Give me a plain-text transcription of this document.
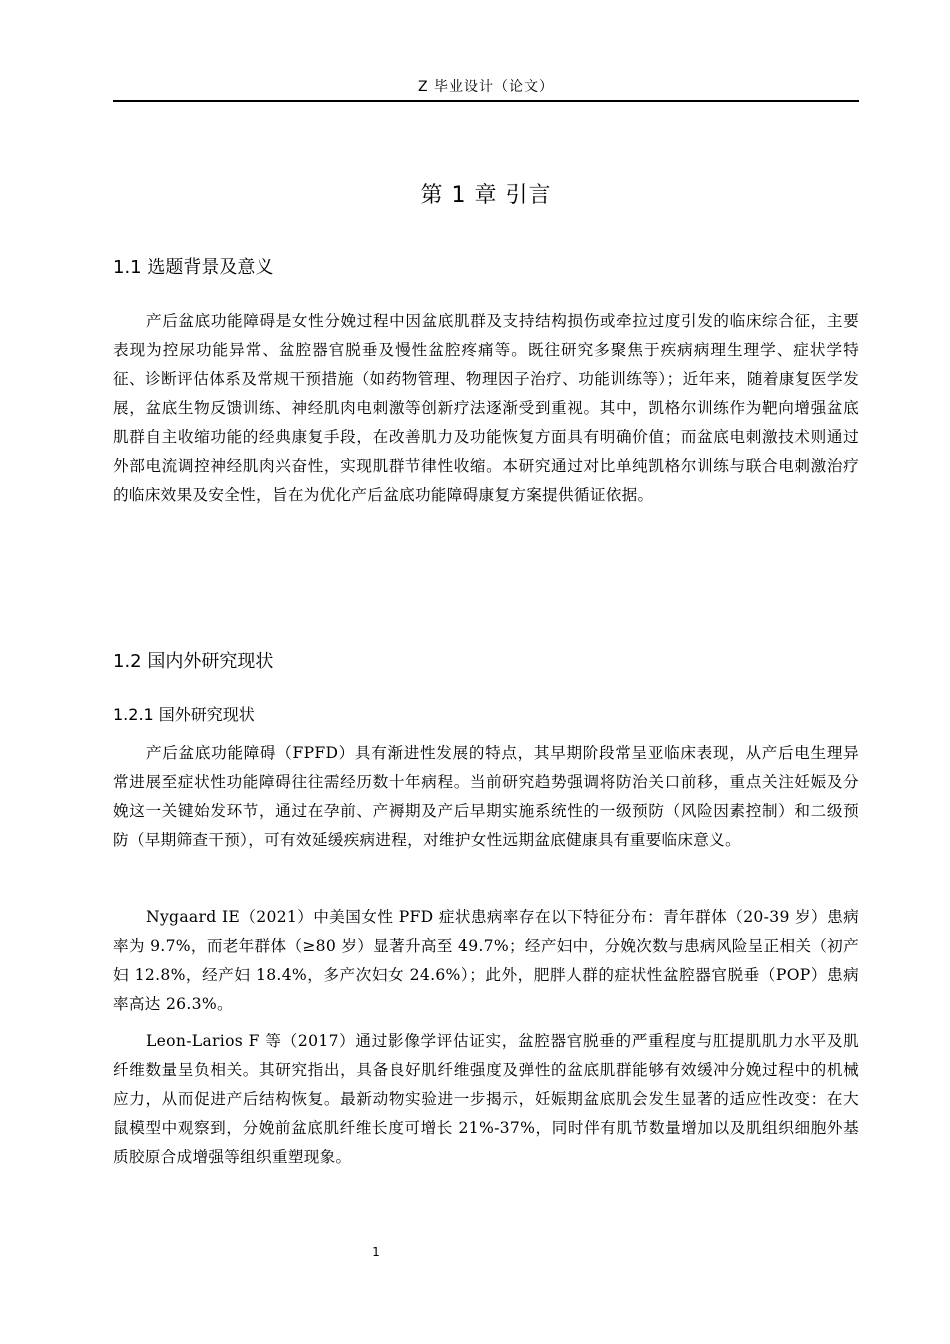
Z 毕业设计（论文）
第 1 章 引言
1.1 选题背景及意义

产后盆底功能障碍是女性分娩过程中因盆底肌群及支持结构损伤或牵拉过度引发的临床综合征，主要表现为控尿功能异常、盆腔器官脱垂及慢性盆腔疼痛等。既往研究多聚焦于疾病病理生理学、症状学特征、诊断评估体系及常规干预措施（如药物管理、物理因子治疗、功能训练等）；近年来，随着康复医学发展，盆底生物反馈训练、神经肌肉电刺激等创新疗法逐渐受到重视。其中，凯格尔训练作为靶向增强盆底肌群自主收缩功能的经典康复手段，在改善肌力及功能恢复方面具有明确价值；而盆底电刺激技术则通过外部电流调控神经肌肉兴奋性，实现肌群节律性收缩。本研究通过对比单纯凯格尔训练与联合电刺激治疗的临床效果及安全性，旨在为优化产后盆底功能障碍康复方案提供循证依据。

1.2 国内外研究现状
1.2.1 国外研究现状

产后盆底功能障碍（FPFD）具有渐进性发展的特点，其早期阶段常呈亚临床表现，从产后电生理异常进展至症状性功能障碍往往需经历数十年病程。当前研究趋势强调将防治关口前移，重点关注妊娠及分娩这一关键始发环节，通过在孕前、产褥期及产后早期实施系统性的一级预防（风险因素控制）和二级预防（早期筛查干预），可有效延缓疾病进程，对维护女性远期盆底健康具有重要临床意义。

Nygaard IE（2021）中美国女性 PFD 症状患病率存在以下特征分布：青年群体（20-39 岁）患病率为 9.7%，而老年群体（≥80 岁）显著升高至 49.7%；经产妇中，分娩次数与患病风险呈正相关（初产妇 12.8%，经产妇 18.4%，多产次妇女 24.6%）；此外，肥胖人群的症状性盆腔器官脱垂（POP）患病率高达 26.3%。

Leon-Larios F 等（2017）通过影像学评估证实，盆腔器官脱垂的严重程度与肛提肌肌力水平及肌纤维数量呈负相关。其研究指出，具备良好肌纤维强度及弹性的盆底肌群能够有效缓冲分娩过程中的机械应力，从而促进产后结构恢复。最新动物实验进一步揭示，妊娠期盆底肌会发生显著的适应性改变：在大鼠模型中观察到，分娩前盆底肌纤维长度可增长 21%-37%，同时伴有肌节数量增加以及肌组织细胞外基质胶原合成增强等组织重塑现象。

1
